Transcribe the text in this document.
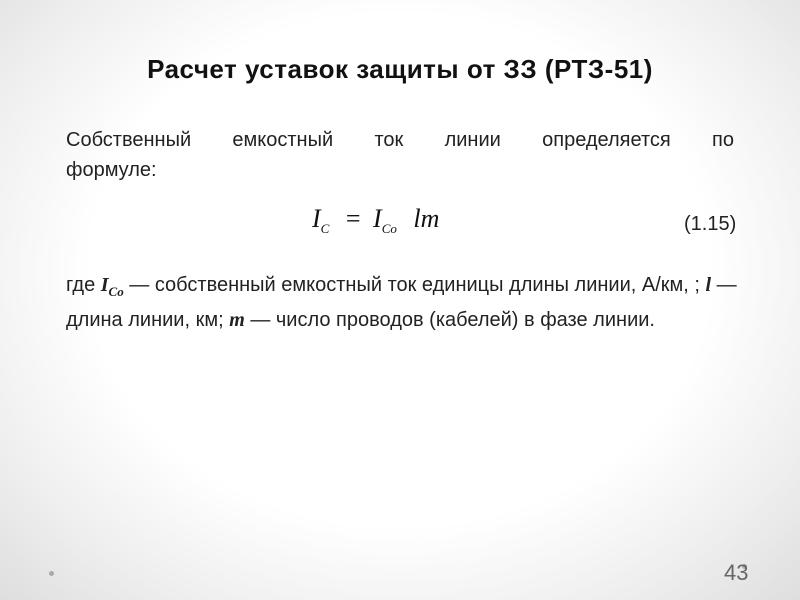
Расчет уставок защиты от ЗЗ (РТЗ-51)
Собственный емкостный ток линии определяется по
формуле:
$I_C = I_{Co}$ lm	(1.15)
где $I_{Co}$ — собственный емкостный ток единицы длины линии, А/км, ; l — длина линии, км; m — число проводов (кабелей) в фазе линии.
43
